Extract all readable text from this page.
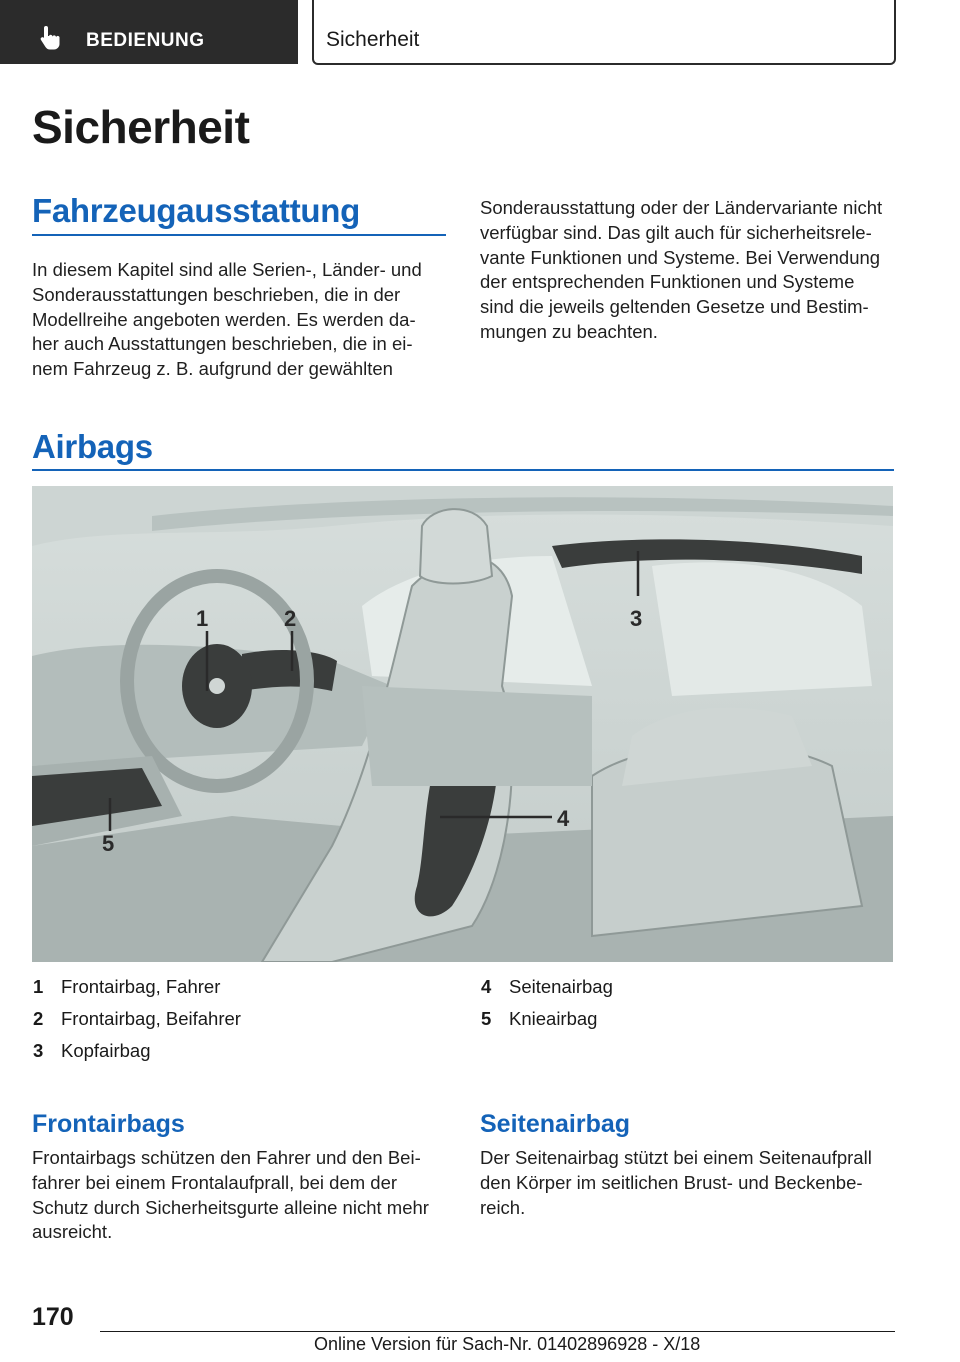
BEDIENUNG	Sicherheit
Sicherheit
Fahrzeugausstattung
In diesem Kapitel sind alle Serien-, Länder- und
Sonderausstattungen beschrieben, die in der
Modellreihe angeboten werden. Es werden da-
her auch Ausstattungen beschrieben, die in ei-
nem Fahrzeug z. B. aufgrund der gewählten
Sonderausstattung oder der Ländervariante nicht
verfügbar sind. Das gilt auch für sicherheitsrele-
vante Funktionen und Systeme. Bei Verwendung
der entsprechenden Funktionen und Systeme
sind die jeweils geltenden Gesetze und Bestim-
mungen zu beachten.
Airbags
1	2	3
4
5
1 Frontairbag, Fahrer
2 Frontairbag, Beifahrer
3 Kopfairbag
4 Seitenairbag
5 Knieairbag
Frontairbags
Frontairbags schützen den Fahrer und den Bei-
fahrer bei einem Frontalaufprall, bei dem der
Schutz durch Sicherheitsgurte alleine nicht mehr
ausreicht.
Seitenairbag
Der Seitenairbag stützt bei einem Seitenaufprall
den Körper im seitlichen Brust- und Beckenbe-
reich.
170
Online Version für Sach-Nr. 01402896928 - X/18
